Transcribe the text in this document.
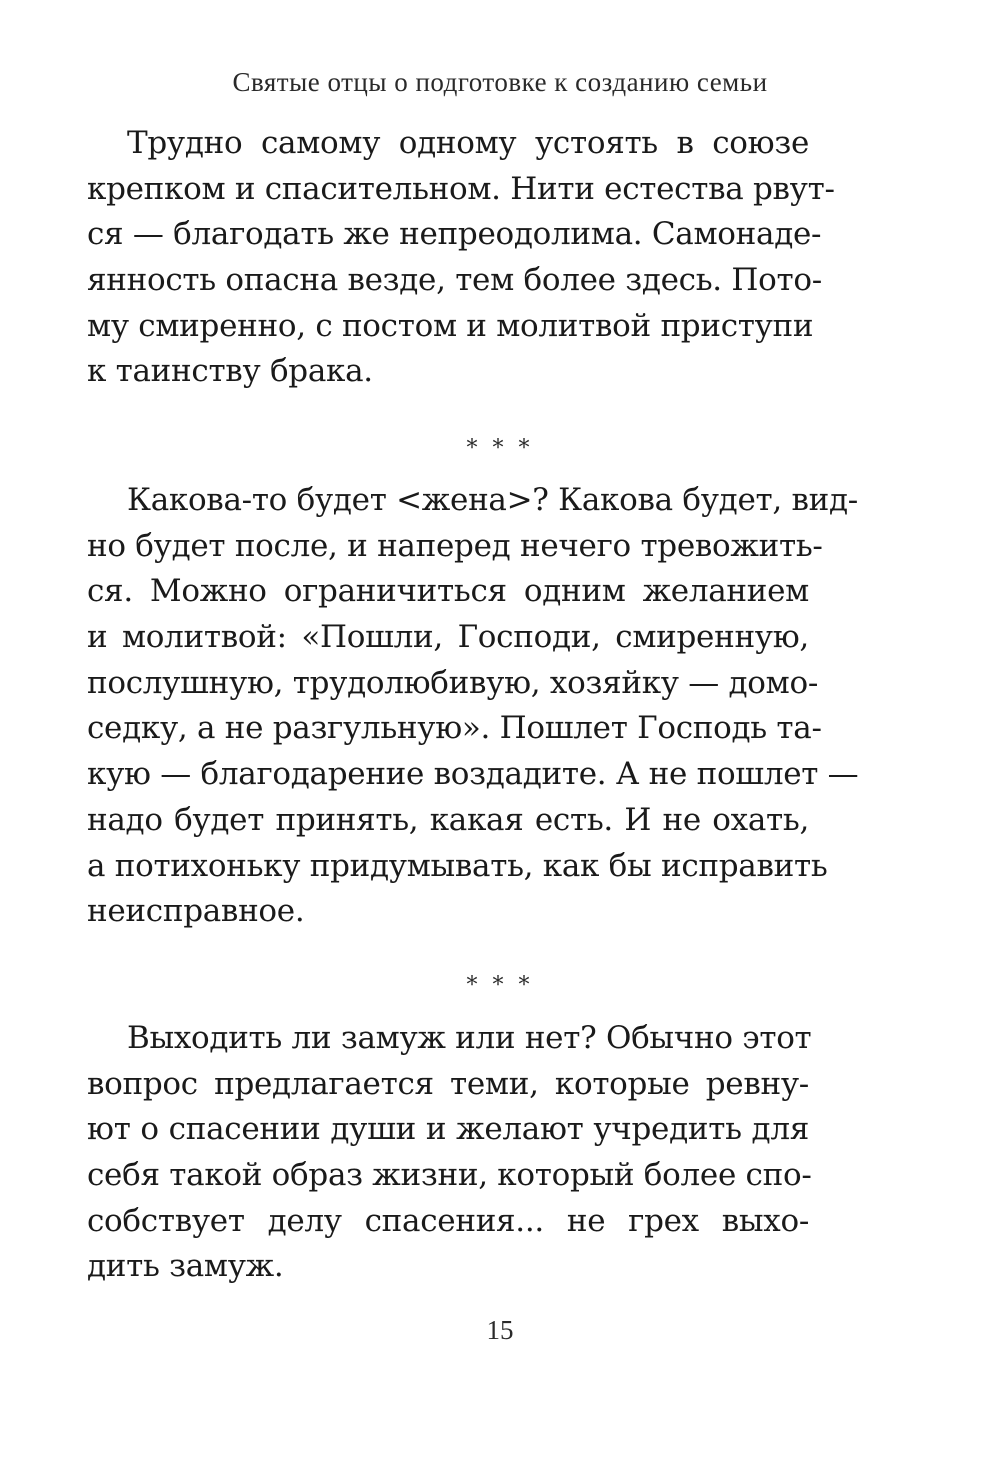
Святые отцы о подготовке к созданию семьи
Трудно самому одному устоять в союзе
крепком и спасительном. Нити естества рвут-
ся — благодать же непреодолима. Самонаде-
янность опасна везде, тем более здесь. Пото-
му смиренно, с постом и молитвой приступи
к таинству брака.
* * *
Какова-то будет <жена>? Какова будет, вид-
но будет после, и наперед нечего тревожить-
ся. Можно ограничиться одним желанием
и молитвой: «Пошли, Господи, смиренную,
послушную, трудолюбивую, хозяйку — домо-
седку, а не разгульную». Пошлет Господь та-
кую — благодарение воздадите. А не пошлет —
надо будет принять, какая есть. И не охать,
а потихоньку придумывать, как бы исправить
неисправное.
* * *
Выходить ли замуж или нет? Обычно этот
вопрос предлагается теми, которые ревну-
ют о спасении души и желают учредить для
себя такой образ жизни, который более спо-
собствует делу спасения... не грех выхо-
дить замуж.
15
